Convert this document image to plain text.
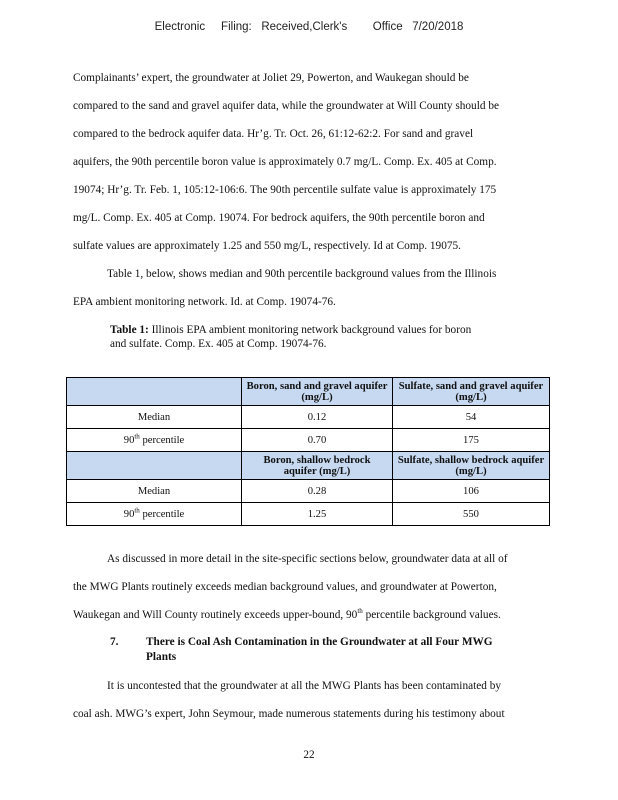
Electronic     Filing:   Received,Clerk's        Office   7/20/2018
Complainants’ expert, the groundwater at Joliet 29, Powerton, and Waukegan should be
compared to the sand and gravel aquifer data, while the groundwater at Will County should be
compared to the bedrock aquifer data. Hr’g. Tr. Oct. 26, 61:12-62:2. For sand and gravel
aquifers, the 90th percentile boron value is approximately 0.7 mg/L. Comp. Ex. 405 at Comp.
19074; Hr’g. Tr. Feb. 1, 105:12-106:6. The 90th percentile sulfate value is approximately 175
mg/L. Comp. Ex. 405 at Comp. 19074. For bedrock aquifers, the 90th percentile boron and
sulfate values are approximately 1.25 and 550 mg/L, respectively. Id at Comp. 19075.
Table 1, below, shows median and 90th percentile background values from the Illinois
EPA ambient monitoring network. Id. at Comp. 19074-76.
Table 1: Illinois EPA ambient monitoring network background values for boron
and sulfate. Comp. Ex. 405 at Comp. 19074-76.
	Boron, sand and gravel aquifer (mg/L)	Sulfate, sand and gravel aquifer (mg/L)
Median	0.12	54
90th percentile	0.70	175
	Boron, shallow bedrock aquifer (mg/L)	Sulfate, shallow bedrock aquifer (mg/L)
Median	0.28	106
90th percentile	1.25	550
As discussed in more detail in the site-specific sections below, groundwater data at all of
the MWG Plants routinely exceeds median background values, and groundwater at Powerton,
Waukegan and Will County routinely exceeds upper-bound, 90th percentile background values.
7. There is Coal Ash Contamination in the Groundwater at all Four MWG
Plants
It is uncontested that the groundwater at all the MWG Plants has been contaminated by
coal ash. MWG’s expert, John Seymour, made numerous statements during his testimony about
22
